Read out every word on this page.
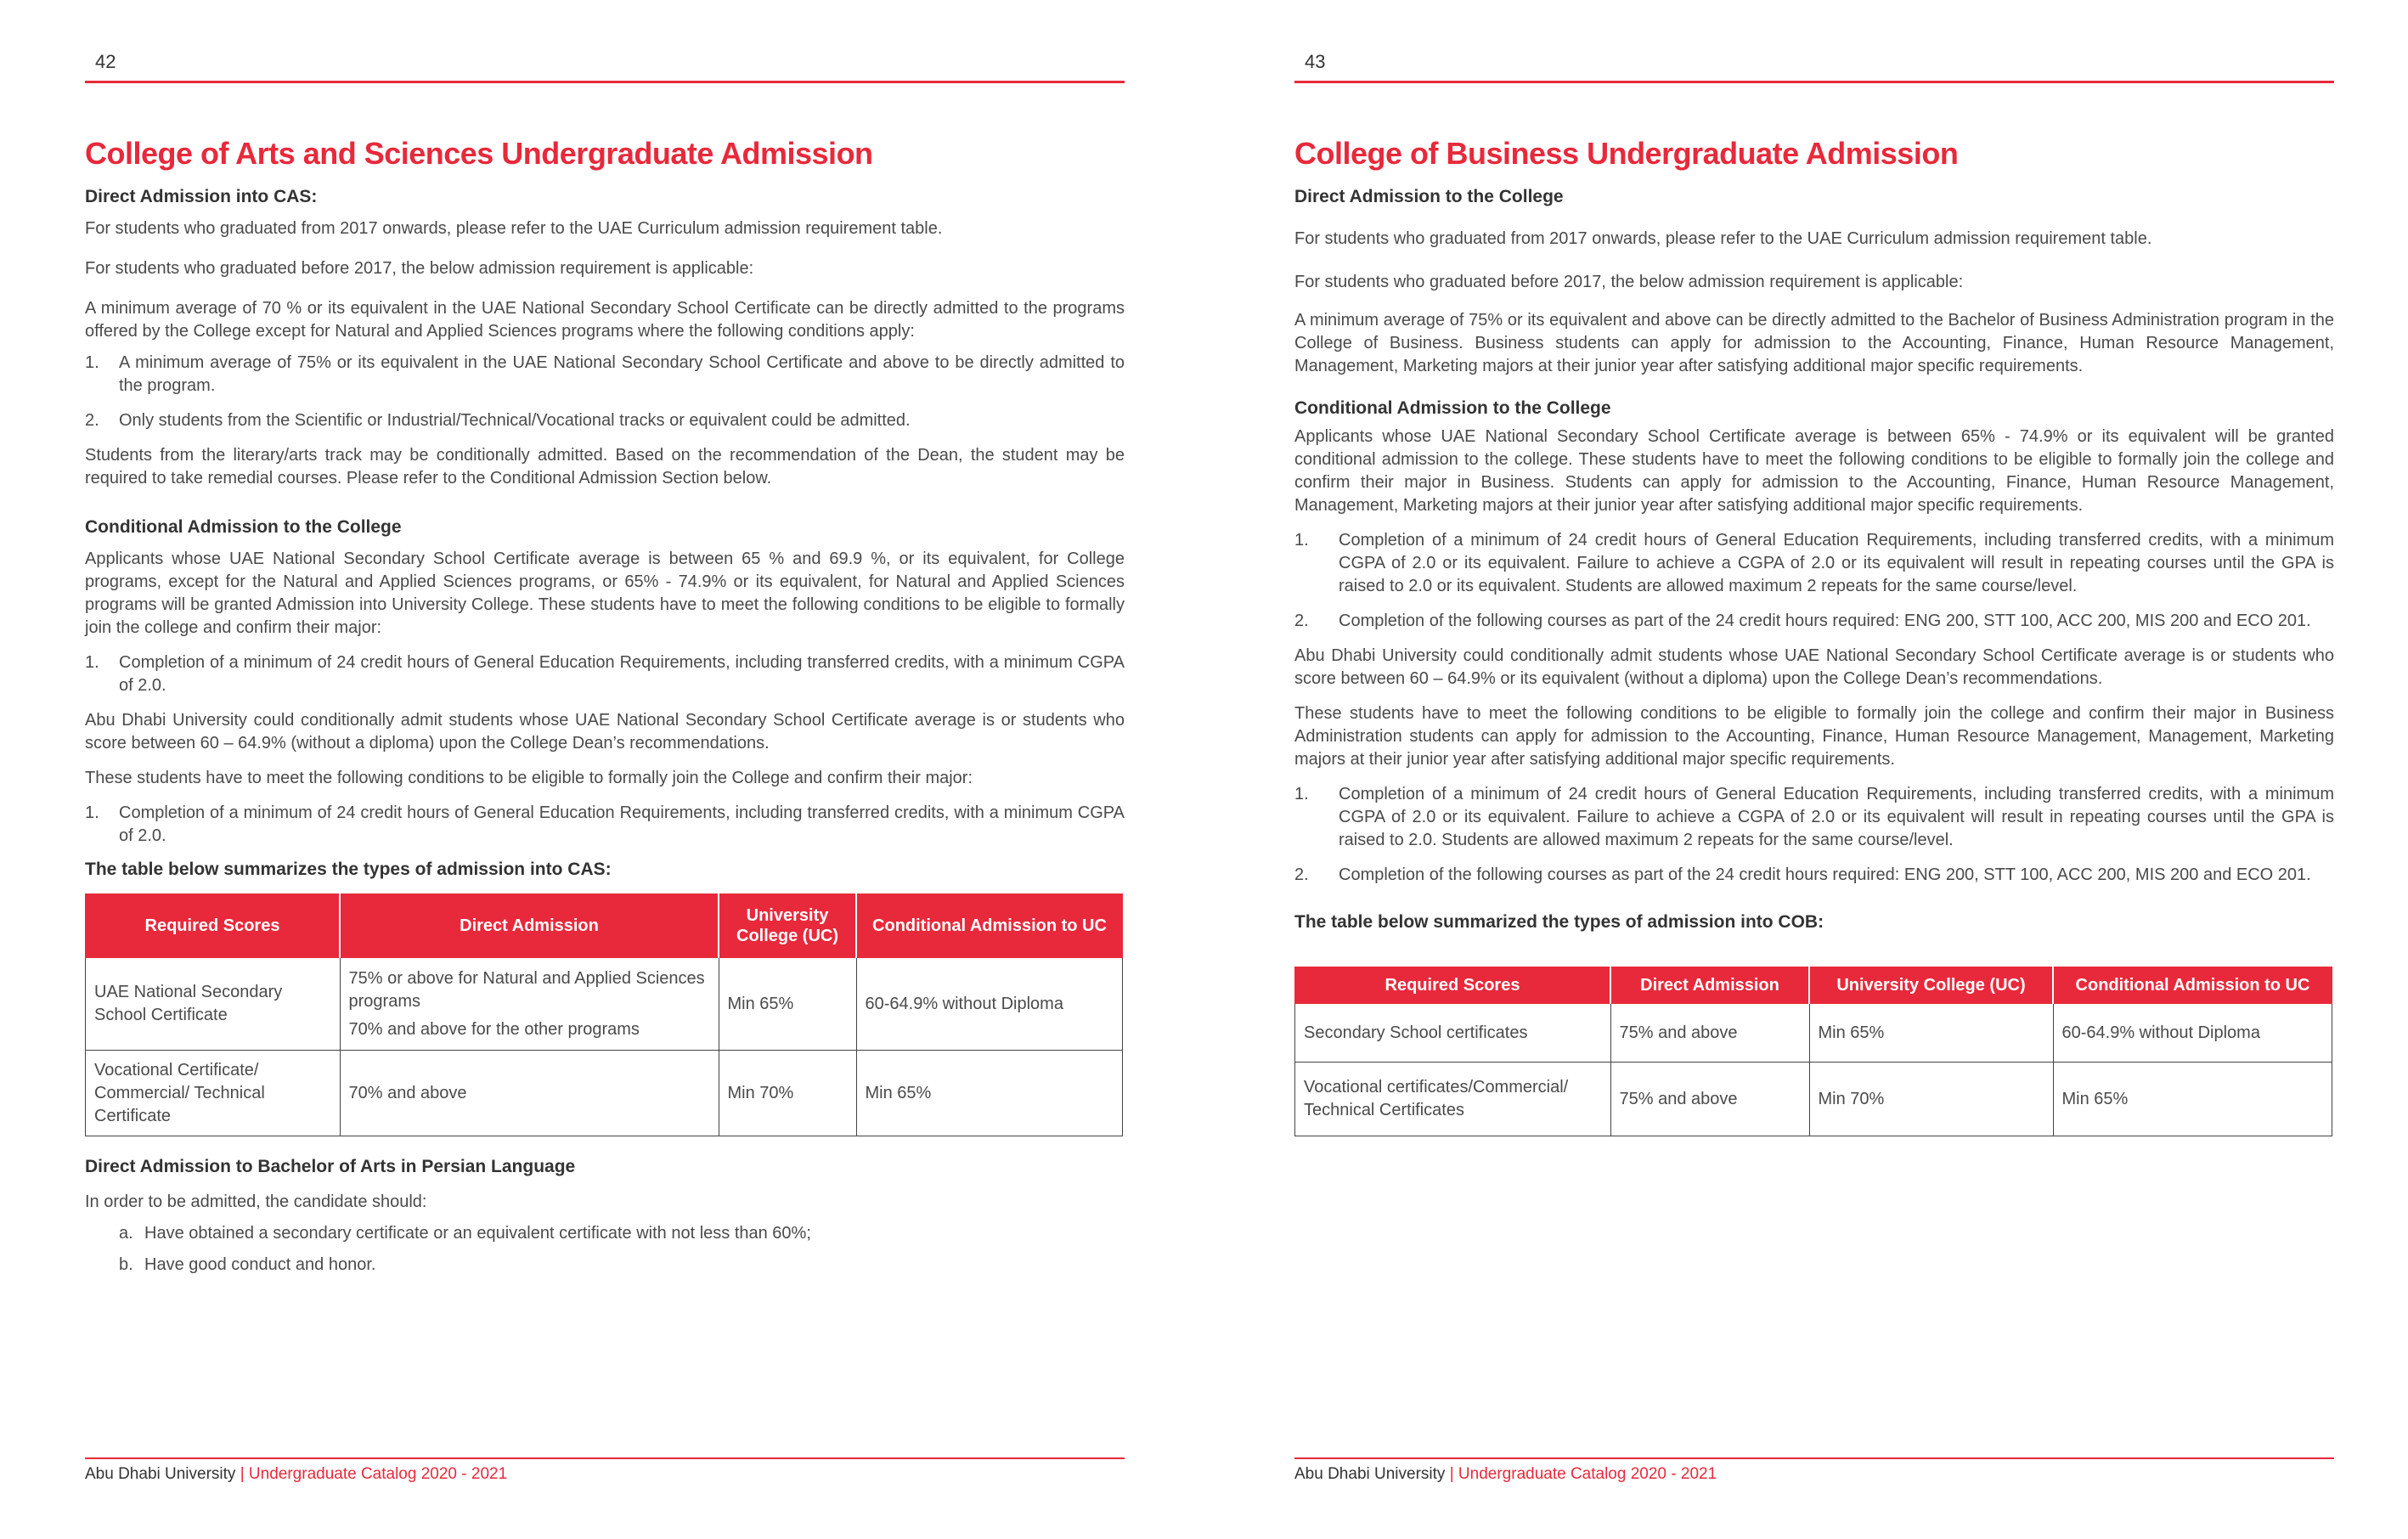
42
College of Arts and Sciences Undergraduate Admission
Direct Admission into CAS:

For students who graduated from 2017 onwards, please refer to the UAE Curriculum admission requirement table.

For students who graduated before 2017, the below admission requirement is applicable:

A minimum average of 70 % or its equivalent in the UAE National Secondary School Certificate can be directly admitted to the programs offered by the College except for Natural and Applied Sciences programs where the following conditions apply:

1. A minimum average of 75% or its equivalent in the UAE National Secondary School Certificate and above to be directly admitted to the program.
2. Only students from the Scientific or Industrial/Technical/Vocational tracks or equivalent could be admitted.

Students from the literary/arts track may be conditionally admitted. Based on the recommendation of the Dean, the student may be required to take remedial courses. Please refer to the Conditional Admission Section below.

Conditional Admission to the College

Applicants whose UAE National Secondary School Certificate average is between 65 % and 69.9 %, or its equivalent, for College programs, except for the Natural and Applied Sciences programs, or 65% - 74.9% or its equivalent, for Natural and Applied Sciences programs will be granted Admission into University College. These students have to meet the following conditions to be eligible to formally join the college and confirm their major:

1. Completion of a minimum of 24 credit hours of General Education Requirements, including transferred credits, with a minimum CGPA of 2.0.

Abu Dhabi University could conditionally admit students whose UAE National Secondary School Certificate average is or students who score between 60 – 64.9% (without a diploma) upon the College Dean’s recommendations.

These students have to meet the following conditions to be eligible to formally join the College and confirm their major:

1. Completion of a minimum of 24 credit hours of General Education Requirements, including transferred credits, with a minimum CGPA of 2.0.
The table below summarizes the types of admission into CAS:
Required Scores	Direct Admission	University College (UC)	Conditional Admission to UC
UAE National Secondary School Certificate	75% or above for Natural and Applied Sciences programs
70% and above for the other programs	Min 65%	60-64.9% without Diploma
Vocational Certificate/ Commercial/ Technical Certificate	70% and above	Min 70%	Min 65%
Direct Admission to Bachelor of Arts in Persian Language

In order to be admitted, the candidate should:

a. Have obtained a secondary certificate or an equivalent certificate with not less than 60%;
b. Have good conduct and honor.
Abu Dhabi University | Undergraduate Catalog 2020 - 2021
43
College of Business Undergraduate Admission
Direct Admission to the College

For students who graduated from 2017 onwards, please refer to the UAE Curriculum admission requirement table.

For students who graduated before 2017, the below admission requirement is applicable:

A minimum average of 75% or its equivalent and above can be directly admitted to the Bachelor of Business Administration program in the College of Business. Business students can apply for admission to the Accounting, Finance, Human Resource Management, Management, Marketing majors at their junior year after satisfying additional major specific requirements.

Conditional Admission to the College

Applicants whose UAE National Secondary School Certificate average is between 65% - 74.9% or its equivalent will be granted conditional admission to the college. These students have to meet the following conditions to be eligible to formally join the college and confirm their major in Business. Students can apply for admission to the Accounting, Finance, Human Resource Management, Management, Marketing majors at their junior year after satisfying additional major specific requirements.

1. Completion of a minimum of 24 credit hours of General Education Requirements, including transferred credits, with a minimum CGPA of 2.0 or its equivalent. Failure to achieve a CGPA of 2.0 or its equivalent will result in repeating courses until the GPA is raised to 2.0 or its equivalent. Students are allowed maximum 2 repeats for the same course/level.
2. Completion of the following courses as part of the 24 credit hours required: ENG 200, STT 100, ACC 200, MIS 200 and ECO 201.

Abu Dhabi University could conditionally admit students whose UAE National Secondary School Certificate average is or students who score between 60 – 64.9% or its equivalent (without a diploma) upon the College Dean’s recommendations.

These students have to meet the following conditions to be eligible to formally join the college and confirm their major in Business Administration students can apply for admission to the Accounting, Finance, Human Resource Management, Management, Marketing majors at their junior year after satisfying additional major specific requirements.

1. Completion of a minimum of 24 credit hours of General Education Requirements, including transferred credits, with a minimum CGPA of 2.0 or its equivalent. Failure to achieve a CGPA of 2.0 or its equivalent will result in repeating courses until the GPA is raised to 2.0. Students are allowed maximum 2 repeats for the same course/level.
2. Completion of the following courses as part of the 24 credit hours required: ENG 200, STT 100, ACC 200, MIS 200 and ECO 201.
The table below summarized the types of admission into COB:
Required Scores	Direct Admission	University College (UC)	Conditional Admission to UC
Secondary School certificates	75% and above	Min 65%	60-64.9% without Diploma
Vocational certificates/Commercial/ Technical Certificates	75% and above	Min 70%	Min 65%
Abu Dhabi University | Undergraduate Catalog 2020 - 2021
